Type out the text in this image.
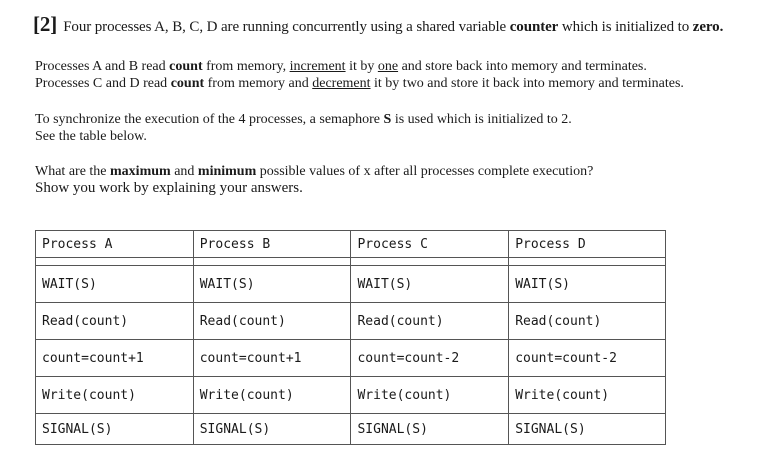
[2] Four processes A, B, C, D are running concurrently using a shared variable counter which is initialized to zero.
Processes A and B read count from memory, increment it by one and store back into memory and terminates.
Processes C and D read count from memory and decrement it by two and store it back into memory and terminates.
To synchronize the execution of the 4 processes, a semaphore S is used which is initialized to 2.
See the table below.
What are the maximum and minimum possible values of x after all processes complete execution?
Show you work by explaining your answers.
Process A	Process B	Process C	Process D

WAIT(S)	WAIT(S)	WAIT(S)	WAIT(S)
Read(count)	Read(count)	Read(count)	Read(count)
count=count+1	count=count+1	count=count-2	count=count-2
Write(count)	Write(count)	Write(count)	Write(count)
SIGNAL(S)	SIGNAL(S)	SIGNAL(S)	SIGNAL(S)
